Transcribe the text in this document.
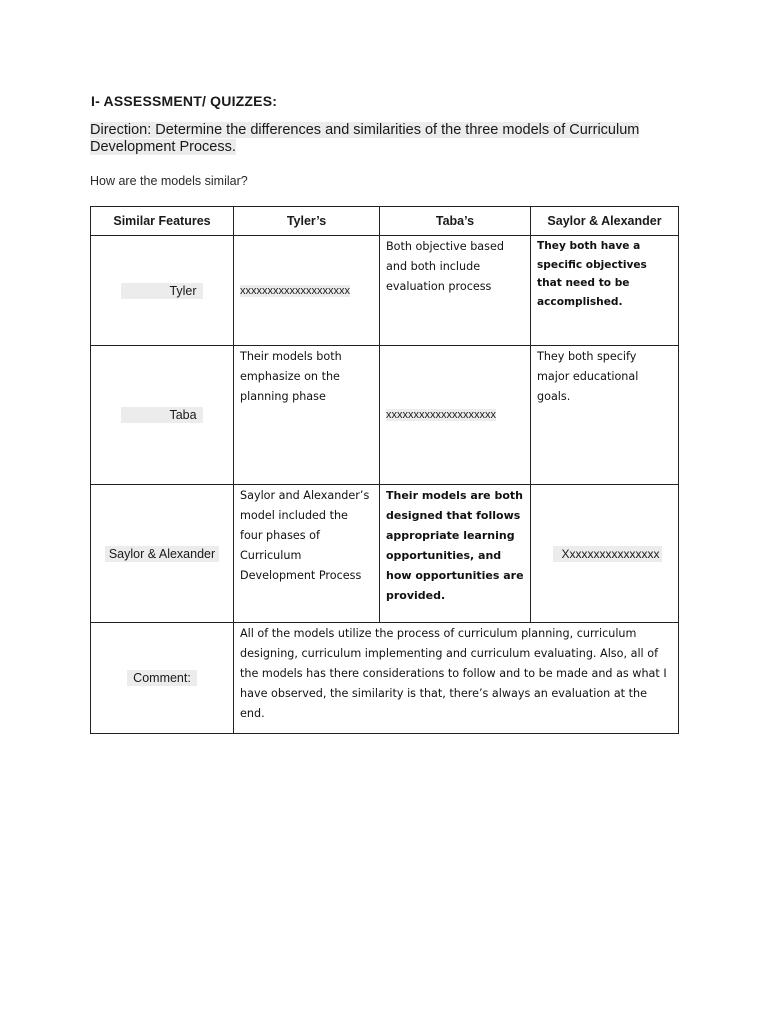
I- ASSESSMENT/ QUIZZES:
Direction: Determine the differences and similarities of the three models of Curriculum Development Process.
How are the models similar?
Similar Features	Tyler’s	Taba’s	Saylor & Alexander
Tyler	xxxxxxxxxxxxxxxxxxxx	Both objective based and both include evaluation process	They both have a specific objectives that need to be accomplished.
Taba	Their models both emphasize on the planning phase	xxxxxxxxxxxxxxxxxxxx	They both specify major educational goals.
Saylor & Alexander	Saylor and Alexander’s model included the four phases of Curriculum Development Process	Their models are both designed that follows appropriate learning opportunities, and how opportunities are provided.	Xxxxxxxxxxxxxxxx
Comment:	All of the models utilize the process of curriculum planning, curriculum designing, curriculum implementing and curriculum evaluating. Also, all of the models has there considerations to follow and to be made and as what I have observed, the similarity is that, there’s always an evaluation at the end.		
